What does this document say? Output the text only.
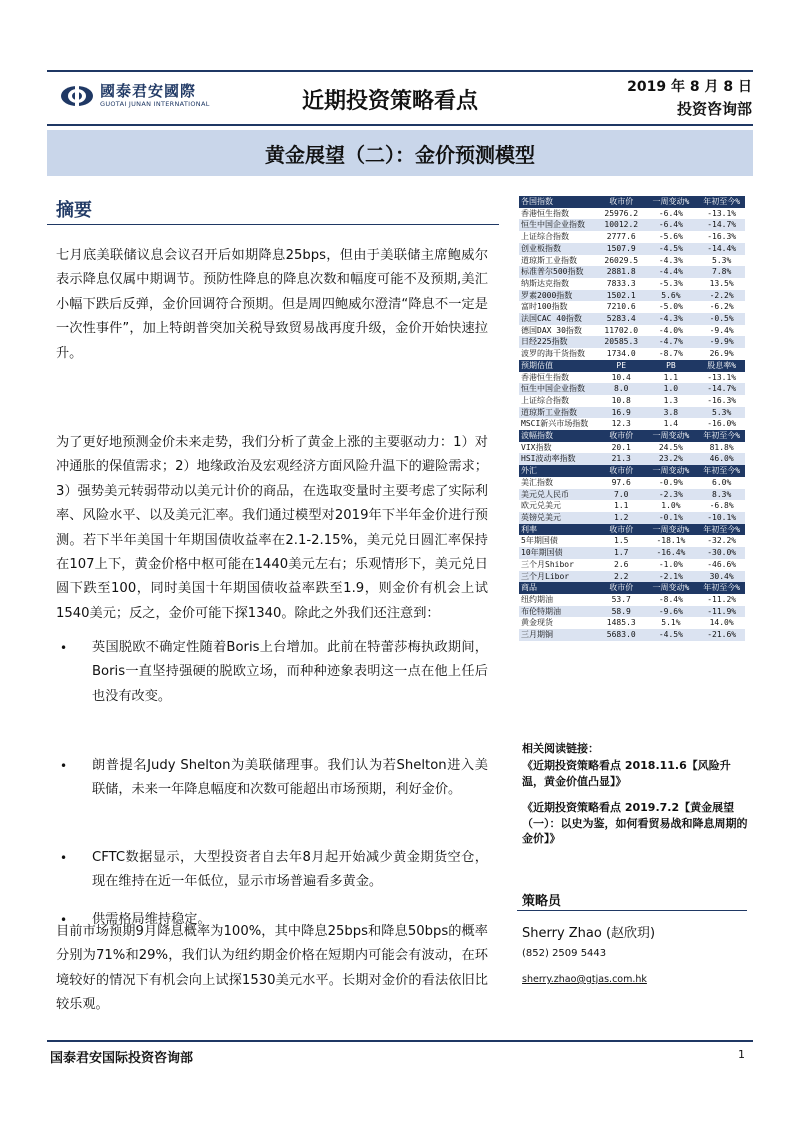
國泰君安國際
GUOTAI JUNAN INTERNATIONAL	近期投资策略看点
2019 年 8 月 8 日
投资咨询部
黄金展望（二）：金价预测模型
摘要
七月底美联储议息会议召开后如期降息25bps，但由于美联储主席鲍威尔表示降息仅属中期调节。预防性降息的降息次数和幅度可能不及预期,美汇小幅下跌后反弹，金价回调符合预期。但是周四鲍威尔澄清“降息不一定是一次性事件”，加上特朗普突加关税导致贸易战再度升级，金价开始快速拉升。
为了更好地预测金价未来走势，我们分析了黄金上涨的主要驱动力：1）对冲通胀的保值需求；2）地缘政治及宏观经济方面风险升温下的避险需求；3）强势美元转弱带动以美元计价的商品，在选取变量时主要考虑了实际利率、风险水平、以及美元汇率。我们通过模型对2019年下半年金价进行预测。若下半年美国十年期国债收益率在2.1-2.15%，美元兑日圆汇率保持在107上下，黄金价格中枢可能在1440美元左右；乐观情形下，美元兑日圆下跌至100，同时美国十年期国债收益率跌至1.9，则金价有机会上试1540美元；反之，金价可能下探1340。除此之外我们还注意到：
•	英国脱欧不确定性随着Boris上台增加。此前在特蕾莎梅执政期间，Boris一直坚持强硬的脱欧立场，而种种迹象表明这一点在他上任后也没有改变。
•	朗普提名Judy Shelton为美联储理事。我们认为若Shelton进入美联储，未来一年降息幅度和次数可能超出市场预期，利好金价。
•	CFTC数据显示，大型投资者自去年8月起开始减少黄金期货空仓，现在维持在近一年低位，显示市场普遍看多黄金。
•	供需格局维持稳定。
目前市场预期9月降息概率为100%，其中降息25bps和降息50bps的概率分别为71%和29%，我们认为纽约期金价格在短期内可能会有波动，在环境较好的情况下有机会向上试探1530美元水平。长期对金价的看法依旧比较乐观。
各国指数	收市价	一周变动%	年初至今%
香港恒生指数	25976.2	-6.4%	-13.1%
恒生中国企业指数	10012.2	-6.4%	-14.7%
上证综合指数	2777.6	-5.6%	-16.3%
创业板指数	1507.9	-4.5%	-14.4%
道琼斯工业指数	26029.5	-4.3%	5.3%
标准普尔500指数	2881.8	-4.4%	7.8%
纳斯达克指数	7833.3	-5.3%	13.5%
罗素2000指数	1502.1	5.6%	-2.2%
富时100指数	7210.6	-5.0%	-6.2%
法国CAC 40指数	5283.4	-4.3%	-0.5%
德国DAX 30指数	11702.0	-4.0%	-9.4%
日经225指数	20585.3	-4.7%	-9.9%
波罗的海干货指数	1734.0	-8.7%	26.9%
预期估值	PE	PB	股息率%
香港恒生指数	10.4	1.1	-13.1%
恒生中国企业指数	8.0	1.0	-14.7%
上证综合指数	10.8	1.3	-16.3%
道琼斯工业指数	16.9	3.8	5.3%
MSCI新兴市场指数	12.3	1.4	-16.0%
波幅指数	收市价	一周变动%	年初至今%
VIX指数	20.1	24.5%	81.8%
HSI波动率指数	21.3	23.2%	46.0%
外汇	收市价	一周变动%	年初至今%
美汇指数	97.6	-0.9%	6.0%
美元兑人民币	7.0	-2.3%	8.3%
欧元兑美元	1.1	1.0%	-6.8%
英镑兑美元	1.2	-0.1%	-10.1%
利率	收市价	一周变动%	年初至今%
5年期国债	1.5	-18.1%	-32.2%
10年期国债	1.7	-16.4%	-30.0%
三个月Shibor	2.6	-1.0%	-46.6%
三个月Libor	2.2	-2.1%	30.4%
商品	收市价	一周变动%	年初至今%
纽约期油	53.7	-8.4%	-11.2%
布伦特期油	58.9	-9.6%	-11.9%
黄金现货	1485.3	5.1%	14.0%
三月期铜	5683.0	-4.5%	-21.6%
相关阅读链接：
《近期投资策略看点 2018.11.6【风险升温，黄金价值凸显】》
《近期投资策略看点 2019.7.2【黄金展望（一）：以史为鉴，如何看贸易战和降息周期的金价】》
策略员
Sherry Zhao (赵欣玥)
(852) 2509 5443
sherry.zhao@gtjas.com.hk
国泰君安国际投资咨询部	1
